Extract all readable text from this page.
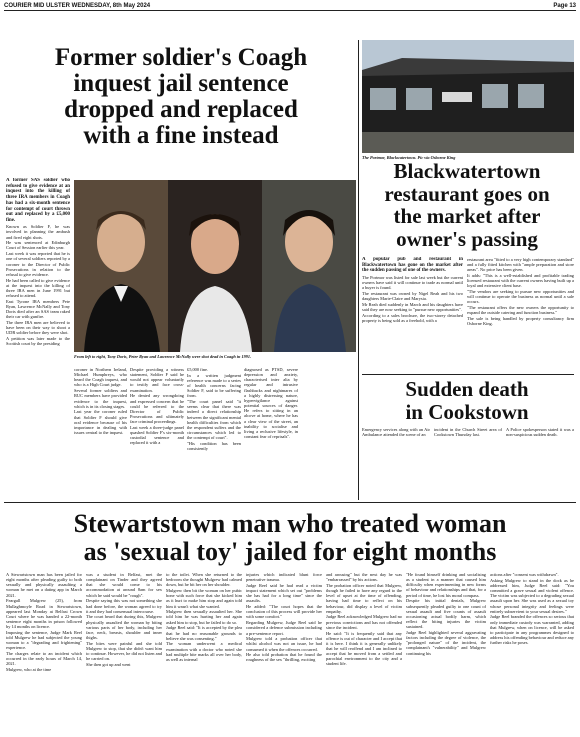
COURIER MID ULSTER WEDNESDAY, 8th May 2024	Page 13
Former soldier's Coagh
inquest jail sentence
dropped and replaced
with a fine instead

A former SAS soldier who refused to give evidence at an inquest into the killing of three IRA members in Coagh has had a six-month sentence for contempt of court thrown out and replaced by a £5,000 fine.

Known as Soldier F, he was involved in planning the ambush and fired eight shots.

He was sentenced at Edinburgh Court of Session earlier this year.

Last week it was reported that he is one of several soldiers reported by a coroner to the Director of Public Prosecutions in relation to the refusal to give evidence.

He had been called to give evidence at the inquest into the killing of three IRA men in June 1991 but refused to attend.

East Tyrone IRA members Pete Ryan, Lawrence McNally and Tony Doris died after an SAS team raked their car with gunfire.

The three IRA men are believed to have been on their way to shoot a UDR soldier before they were shot.

A petition was later made to the Scottish court by the presiding

From left to right, Tony Doris, Peter Ryan and Lawrence McNally were shot dead in Coagh in 1991.

coroner in Northern Ireland, Michael Humphreys, who heard the Coagh inquest, and who is a High Court judge.

Several former soldiers and RUC members have provided evidence to the inquest, which is in its closing stages.

Last year the coroner ruled that Soldier F should give oral evidence because of his importance in dealing with issues central to the inquest.

Despite providing a witness statement, Soldier F said he would not appear voluntarily to testify and face cross-examination.

He denied any wrongdoing and expressed concern that he could be referred to the Director of Public Prosecutions and ultimately face criminal proceedings.

Last week a three-judge panel quashed Soldier F's six-month custodial sentence and replaced it with a

£5,000 fine.

In a written judgment reference was made to a series of health concerns facing Soldier F, said to be suffering from.

"The court panel said "it seems clear that there was indeed a direct relationship between the significant mental health difficulties from which the respondent suffers and the circumstances which led to the contempt of court".

"His condition has been consistently

diagnosed as PTSD, severe depression and anxiety, characterised inter alia by regular and intrusive flashbacks and nightmares of a highly distressing nature, hypervigilance against potential sources of danger. He refers to sitting in an alcove at home, where he has a clear view of the street, an inability to socialise and living a reclusive lifestyle, in constant fear of reprisals".

The Portmor, Blackwatertown. Pic via Osborne King
Blackwatertown
restaurant goes on
the market after
owner's passing

A popular pub and restaurant in Blackwatertown has gone on the market after the sudden passing of one of the owners.

The Portmor was listed for sale last week but the current owners have said it will continue to trade as normal until a buyer is found.

The restaurant was owned by Nigel Reah and his two daughters Marie-Claire and Marysia.

Mr Reah died suddenly in March and his daughters have said they are now seeking to "pursue new opportunities".

According to a sales brochure, the two-storey detached property is being sold as a freehold, with a

restaurant area "fitted to a very high contemporary standard" and a fully fitted kitchen with "ample preparation and store areas". No price has been given.

It adds: "This is a well-established and profitable trading licensed restaurant with the current owners having built up a loyal and extensive client base.

"The vendors are seeking to pursue new opportunities and will continue to operate the business as normal until a sale occurs.

"The restaurant offers the new owners the opportunity to expand the outside catering and function business."

The sale is being handled by property consultancy firm Osborne King.

Sudden death
in Cookstown

Emergency services along with an Air Ambulance attended the scene of an

incident in the Church Street area of Cookstown Thursday last.

A Police spokesperson stated it was a non-suspicious sudden death.

Stewartstown man who treated woman
as 'sexual toy' jailed for eight months

A Stewartstown man has been jailed for eight months after pleading guilty to both sexually and physically assaulting a woman he met on a dating app in March 2021.

Feargall Mulgrew (25), from Mullaghmoyle Road in Stewartstown, appeared last Monday at Belfast Crown Court where he was handed a 22-month sentence eight months in prison followed by 14 months on licence.

Imposing the sentence, Judge Mark Reel told Mulgrew he had subjected the young woman to a "degrading and frightening" experience.

The charges relate to an incident which occurred in the early hours of March 14, 2021.

Mulgrew, who at the time

was a student in Belfast, met the complainant on Tinder and they agreed that she would come to his accommodation at around 8am for sex which he said would be "rough".

Despite saying this was not something she had done before, the woman agreed to try it and they had consensual intercourse.

The court heard that during this, Mulgrew physically assaulted the woman by biting various parts of her body, including her face, neck, breasts, shoulder and inner thighs.

The bites were painful and she told Mulgrew to stop, that she didn't want him to continue. However, he did not listen and he carried on.

She then got up and went

to the toilet. When she returned to the bedroom she thought Mulgrew had calmed down, but he bit her on her shoulder.

Mulgrew then bit the woman on her pubic bone with such force that she kicked him as it hurt to make him stop and again told him it wasn't what she wanted.

Mulgrew then sexually assaulted her. She told him he was hurting her and again asked him to stop, but he failed to do so.

Judge Reel said: "It is accepted by the plea that he had no reasonable grounds to believe she was consenting."

The woman underwent a medical examination with a doctor who noted she had multiple bite marks all over her body, as well as internal

injuries which indicated blunt force penetrative trauma.

Judge Reel said he had read a victim impact statement which set out "problems she has had for a long time" since the assaults.

He added: "The court hopes that the conclusion of this process will provide her with some comfort."

Regarding Mulgrew, Judge Reel said he considered a defence submission including a pre-sentence report.

Mulgrew told a probation officer that whilst alcohol was not an issue, he had consumed it when the offences occurred.

He also told probation that he found the roughness of the sex "thrilling, exciting

and arousing" but the next day he was "embarrassed" by his actions.

The probation officer noted that Mulgrew, though he failed to have any regard to the level of upset at the time of offending, having had time to reflect on his behaviour, did display a level of victim empathy.

Judge Reel acknowledged Mulgrew had no previous convictions and has not offended since the incident.

He said: "It is frequently said that any offence is out of character and I accept that it is here. I think it is generally unlikely that he will reoffend and I am inclined to accept that he moved from a settled and parochial environment to the city and a student life.

"He found himself drinking and socialising as a student in a manner that caused him difficulty when experimenting in new forms of behaviour and relationships and that, for a period of time, he lost his moral compass.

Despite his initial denials, Mulgrew subsequently pleaded guilty to one count of sexual assault and five counts of assault occasioning actual bodily harm, which reflect the biting injuries the victim sustained.

Judge Reel highlighted several aggravating factors including the degree of violence, the "prolonged nature" of the incident, the complainant's "vulnerability" and Mulgrew continuing his

actions after "consent was withdrawn".

Asking Mulgrew to stand in the dock as he addressed him, Judge Reel said: "You committed a grave sexual and violent offence. The victim was subjected to a degrading sexual assault upon her. She was used as a sexual toy whose personal integrity and feelings were entirely subservient to your sexual desires."

Judge Reel branded the offences so serious that only immediate custody was warranted, adding that Mulgrew, when on licence, will be asked to participate in any programmes designed to address his offending behaviour and reduce any further risks he poses.
